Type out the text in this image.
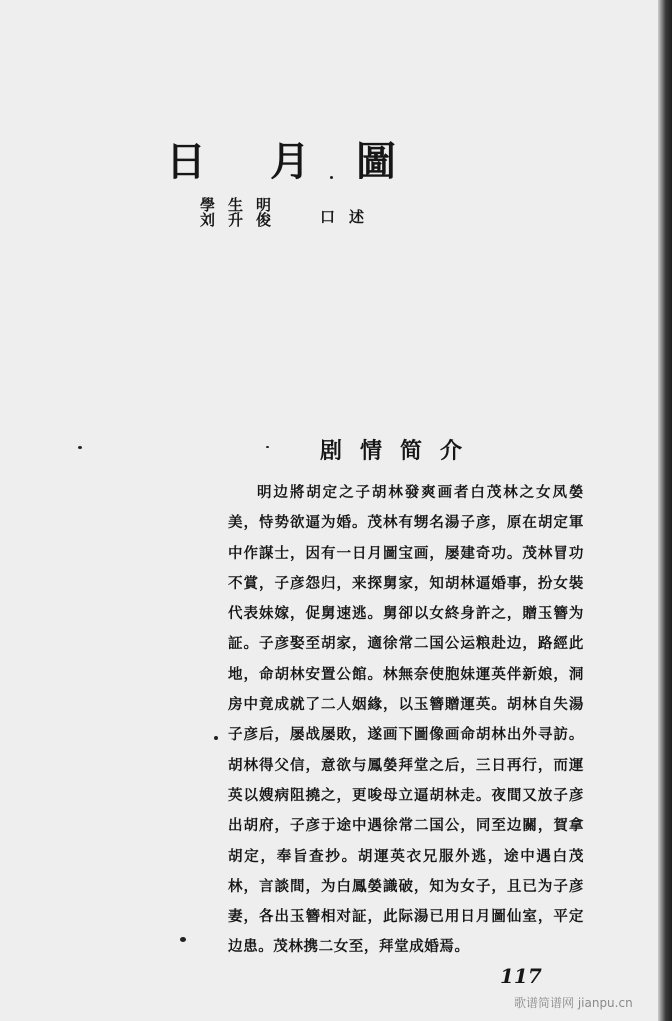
日 月 圖
學生明
刘升俊 口述
剧情简介
明边將胡定之子胡林發爽画者白茂林之女凤嫈美，恃势欲逼为婚。茂林有甥名湯子彦，原在胡定軍中作謀士，因有一日月圖宝画，屡建奇功。茂林冒功不賞，子彦怨归，来探舅家，知胡林逼婚事，扮女裝代表妹嫁，促舅速逃。舅卻以女終身許之，贈玉簪为証。子彦娶至胡家，適徐常二国公运粮赴边，路經此地，命胡林安置公館。林無奈使胞妹運英伴新娘，洞房中竟成就了二人姻緣，以玉簪贈運英。胡林自失湯子彦后，屡战屡敗，遂画下圖像画命胡林出外寻訪。胡林得父信，意欲与鳳嫈拜堂之后，三日再行，而運英以嫂病阻撓之，更唆母立逼胡林走。夜間又放子彦出胡府，子彦于途中遇徐常二国公，同至边關，賀拿胡定，奉旨查抄。胡運英衣兄服外逃，途中遇白茂林，言談間，为白鳳嫈識破，知为女子，且已为子彦妻，各出玉簪相对証，此际湯已用日月圖仙室，平定边患。茂林携二女至，拜堂成婚焉。
117
歌谱简谱网 jianpu.cn
